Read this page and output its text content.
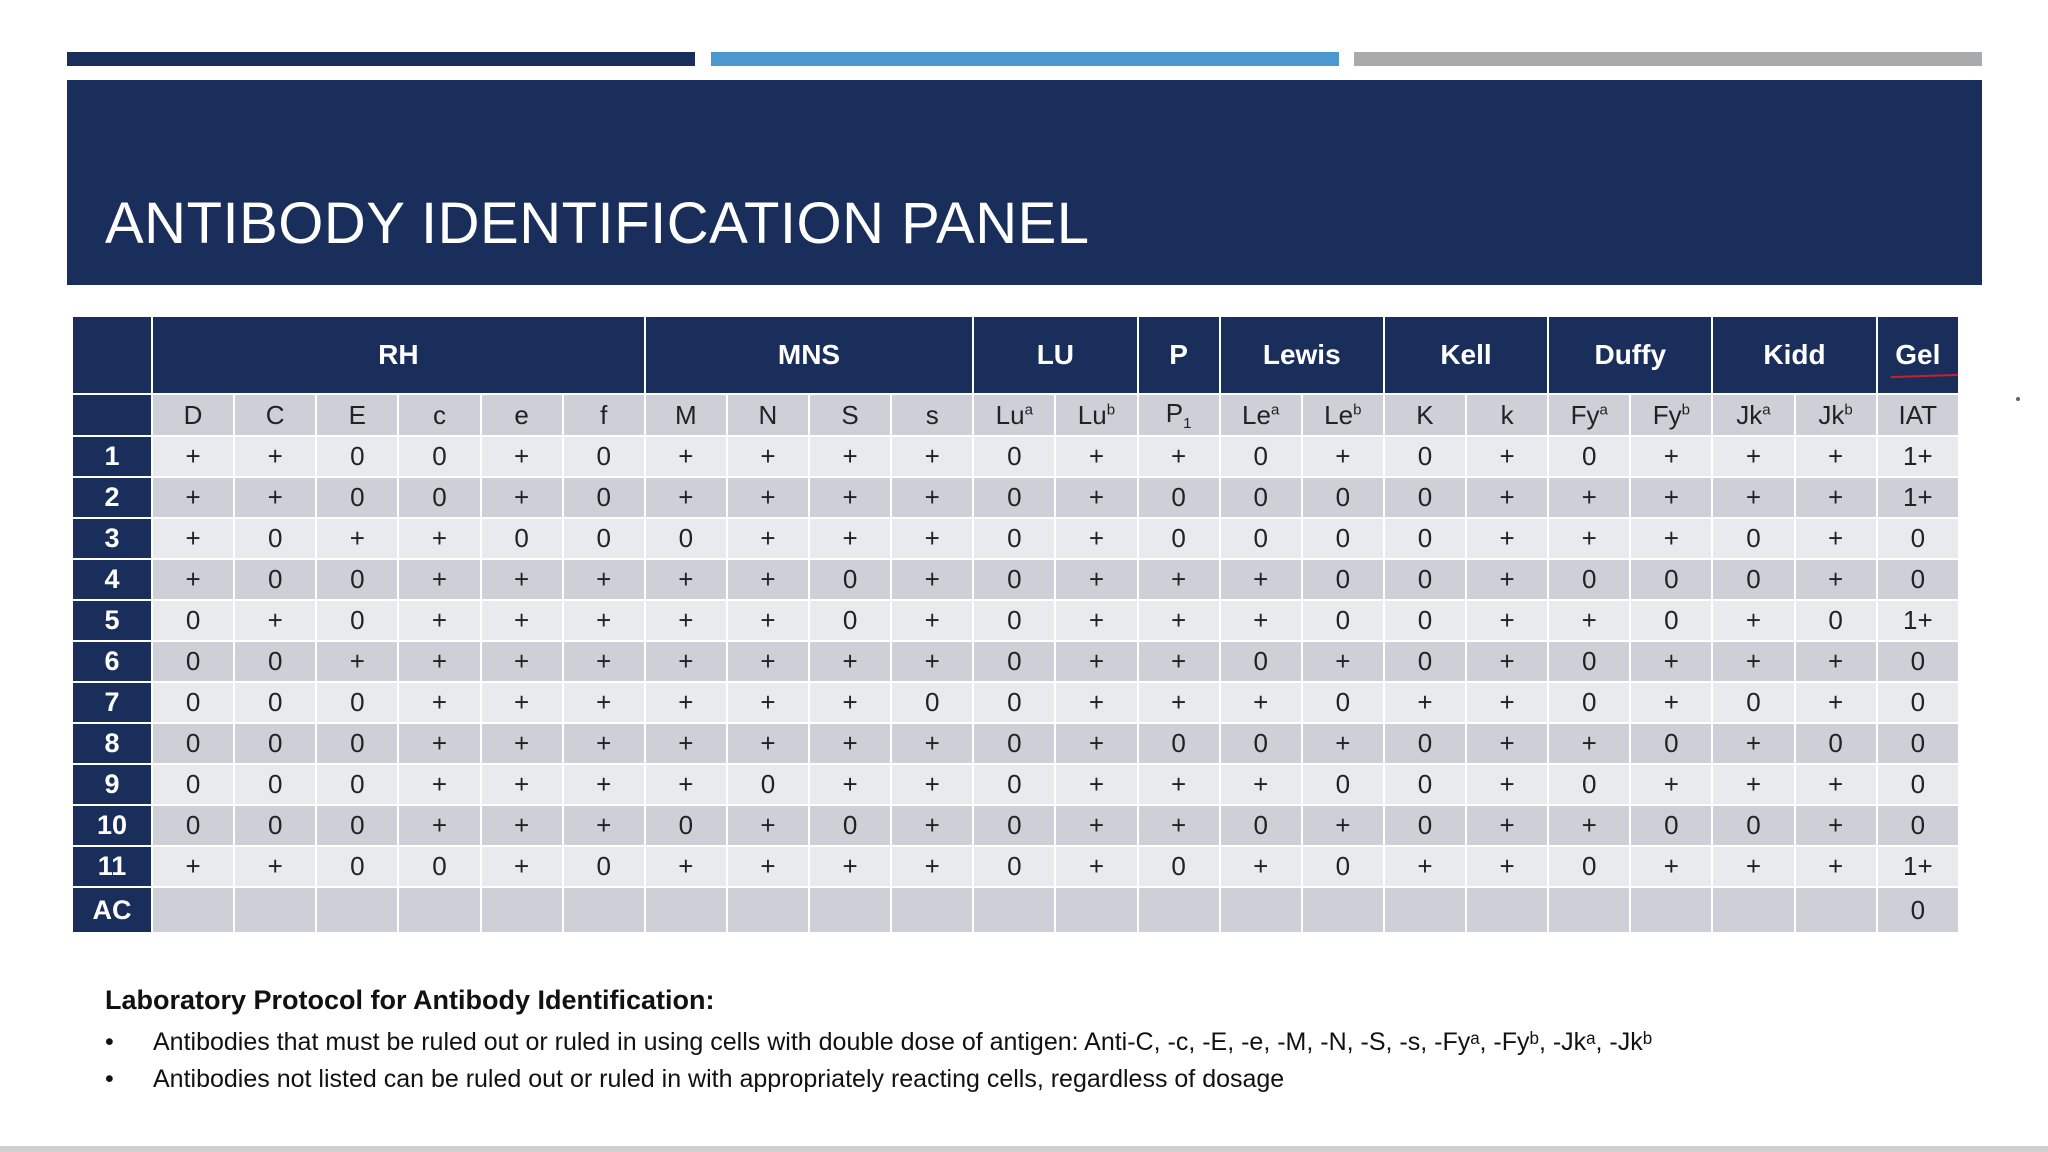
ANTIBODY IDENTIFICATION PANEL
	RH						MNS				LU		P	Lewis		Kell		Duffy		Kidd		Gel
	D	C	E	c	e	f	M	N	S	s	Lu$^a$	Lu$^b$	$P_1$	Le$^a$	Le$^b$	K	k	Fy$^a$	Fy$^b$	Jk$^a$	Jk$^b$	IAT
1	+	+	0	0	+	0	+	+	+	+	0	+	+	0	+	0	+	0	+	+	+	1+
2	+	+	0	0	+	0	+	+	+	+	0	+	0	0	0	0	+	+	+	+	+	1+
3	+	0	+	+	0	0	0	+	+	+	0	+	0	0	0	0	+	+	+	0	+	0
4	+	0	0	+	+	+	+	+	0	+	0	+	+	+	0	0	+	0	0	0	+	0
5	0	+	0	+	+	+	+	+	0	+	0	+	+	+	0	0	+	+	0	+	0	1+
6	0	0	+	+	+	+	+	+	+	+	0	+	+	0	+	0	+	0	+	+	+	0
7	0	0	0	+	+	+	+	+	+	0	0	+	+	+	0	+	+	0	+	0	+	0
8	0	0	0	+	+	+	+	+	+	+	0	+	0	0	+	0	+	+	0	+	0	0
9	0	0	0	+	+	+	+	0	+	+	0	+	+	+	0	0	+	0	+	+	+	0
10	0	0	0	+	+	+	0	+	0	+	0	+	+	0	+	0	+	+	0	0	+	0
11	+	+	0	0	+	0	+	+	+	+	0	+	0	+	0	+	+	0	+	+	+	1+
AC																						0
Laboratory Protocol for Antibody Identification:
• Antibodies that must be ruled out or ruled in using cells with double dose of antigen: Anti-C, -c, -E, -e, -M, -N, -S, -s, -Fyᵃ, -Fyᵇ, -Jkᵃ, -Jkᵇ
• Antibodies not listed can be ruled out or ruled in with appropriately reacting cells, regardless of dosage
